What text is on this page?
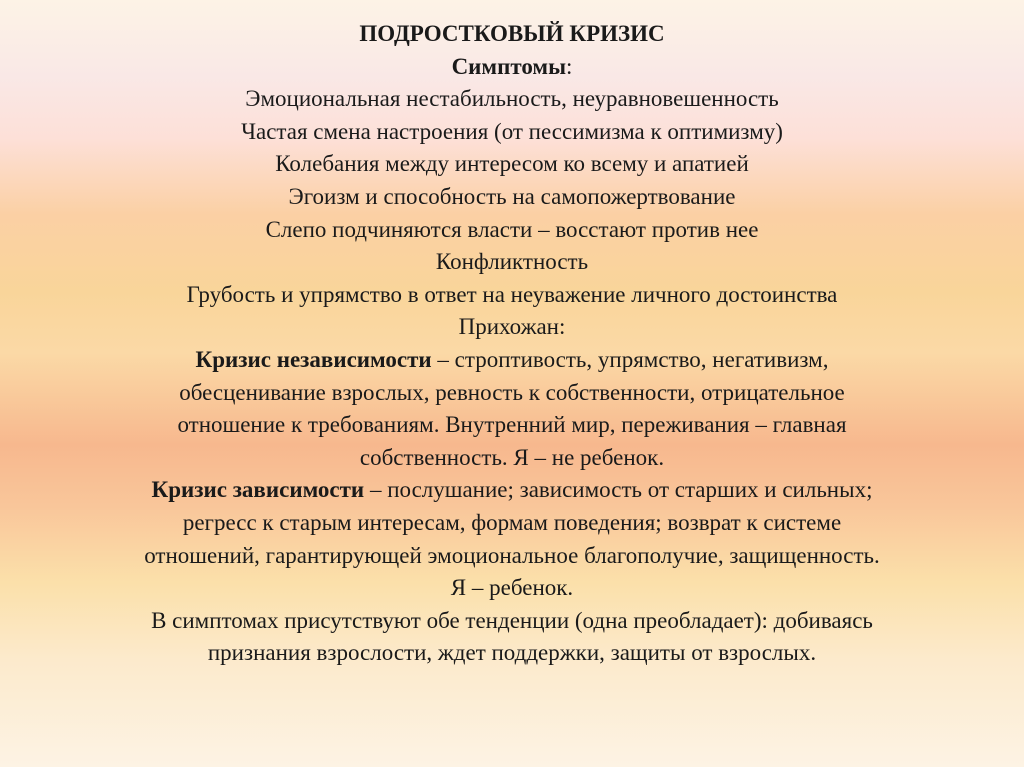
ПОДРОСТКОВЫЙ КРИЗИС
Симптомы:
Эмоциональная нестабильность, неуравновешенность
Частая смена настроения (от пессимизма к оптимизму)
Колебания между интересом ко всему и апатией
Эгоизм и способность на самопожертвование
Слепо подчиняются власти – восстают против нее
Конфликтность
Грубость и упрямство в ответ на неуважение личного достоинства
Прихожан:
Кризис независимости – строптивость, упрямство, негативизм,
обесценивание взрослых, ревность к собственности, отрицательное
отношение к требованиям. Внутренний мир, переживания – главная
собственность. Я – не ребенок.
Кризис зависимости – послушание; зависимость от старших и сильных;
регресс к старым интересам, формам поведения; возврат к системе
отношений, гарантирующей эмоциональное благополучие, защищенность.
Я – ребенок.
В симптомах присутствуют обе тенденции (одна преобладает): добиваясь
признания взрослости, ждет поддержки, защиты от взрослых.
